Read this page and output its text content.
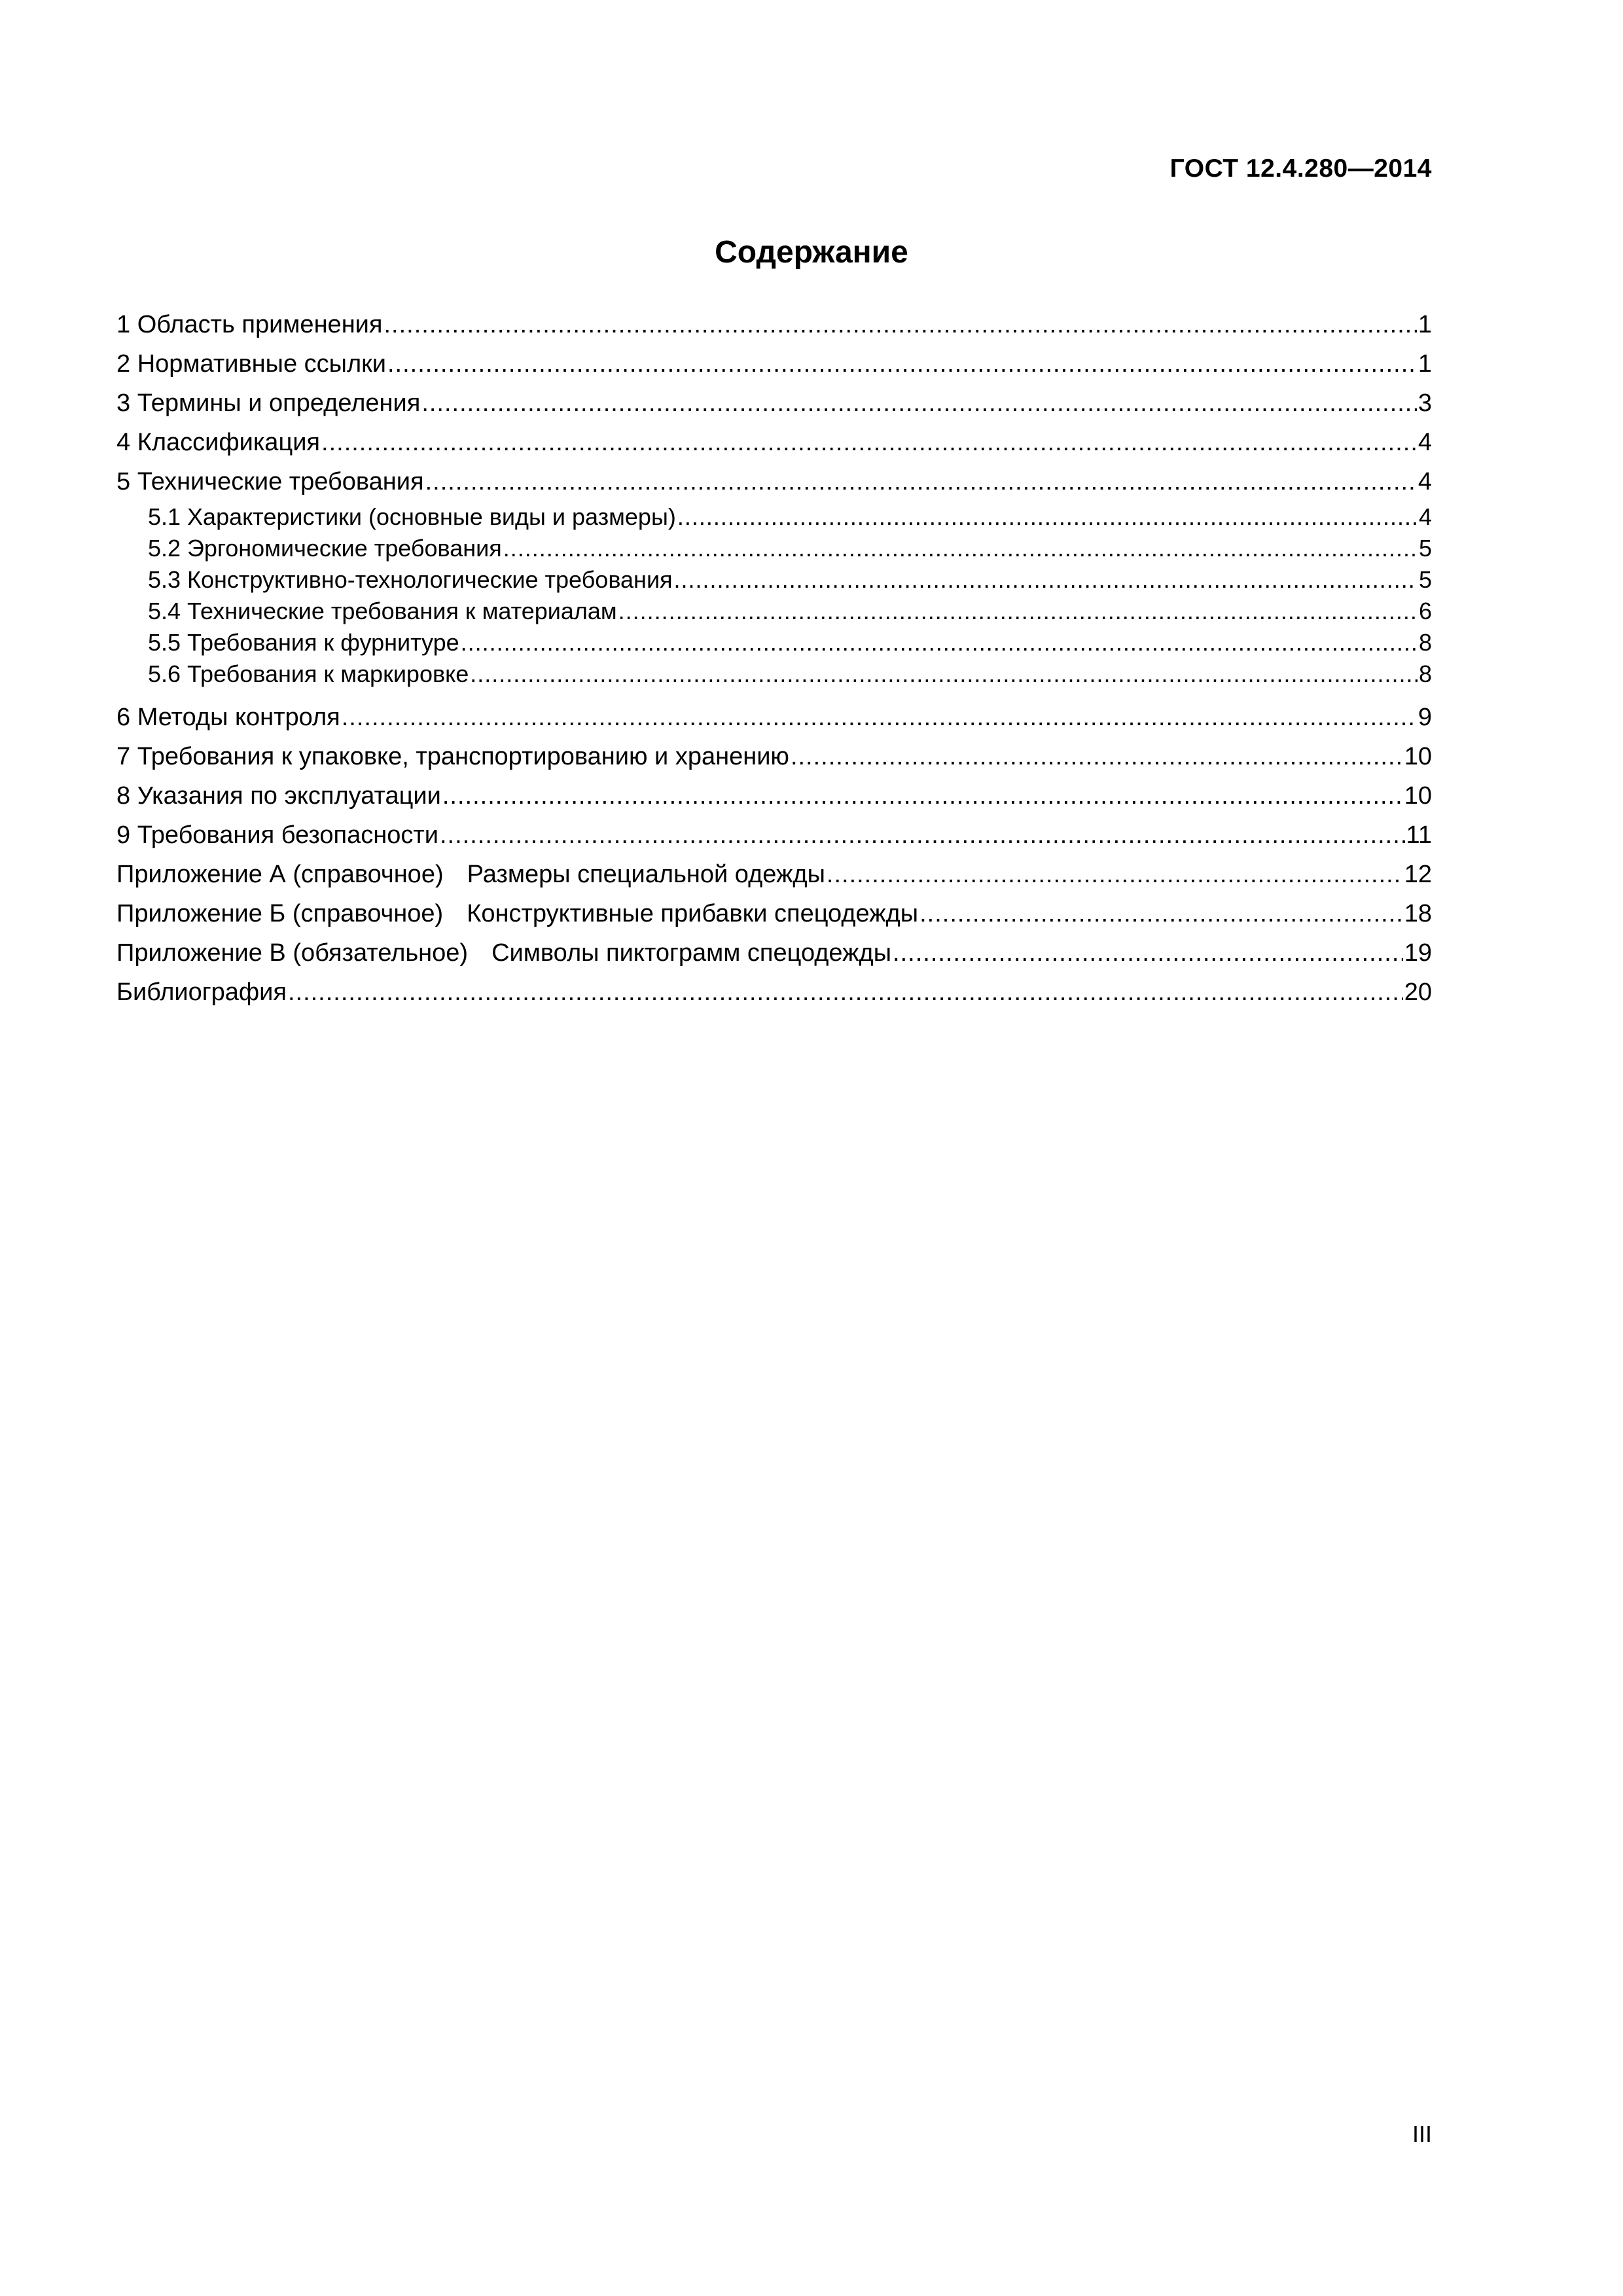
ГОСТ 12.4.280—2014
Содержание
1 Область применения .....	1
2 Нормативные ссылки .....	1
3 Термины и определения .....	3
4 Классификация .....	4
5 Технические требования .....	4
5.1 Характеристики (основные виды и размеры) .....	4
5.2 Эргономические требования .....	5
5.3 Конструктивно-технологические требования .....	5
5.4 Технические требования к материалам .....	6
5.5 Требования к фурнитуре .....	8
5.6 Требования к маркировке .....	8
6 Методы контроля .....	9
7 Требования к упаковке, транспортированию и хранению .....	10
8 Указания по эксплуатации .....	10
9 Требования безопасности .....	11
Приложение А (справочное) Размеры специальной одежды .....	12
Приложение Б (справочное) Конструктивные прибавки спецодежды .....	18
Приложение В (обязательное) Символы пиктограмм спецодежды .....	19
Библиография .....	20
III
